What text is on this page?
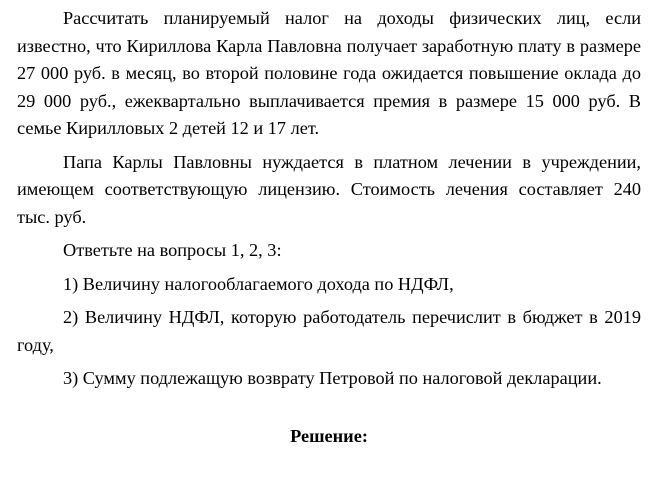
Рассчитать планируемый налог на доходы физических лиц, если известно, что Кириллова Карла Павловна получает заработную плату в размере 27 000 руб. в месяц, во второй половине года ожидается повышение оклада до 29 000 руб., ежеквартально выплачивается премия в размере 15 000 руб. В семье Кирилловых 2 детей 12 и 17 лет.

Папа Карлы Павловны нуждается в платном лечении в учреждении, имеющем соответствующую лицензию. Стоимость лечения составляет 240 тыс. руб.

Ответьте на вопросы 1, 2, 3:

1) Величину налогооблагаемого дохода по НДФЛ,

2) Величину НДФЛ, которую работодатель перечислит в бюджет в 2019 году,

3) Сумму подлежащую возврату Петровой по налоговой декларации.

Решение:
